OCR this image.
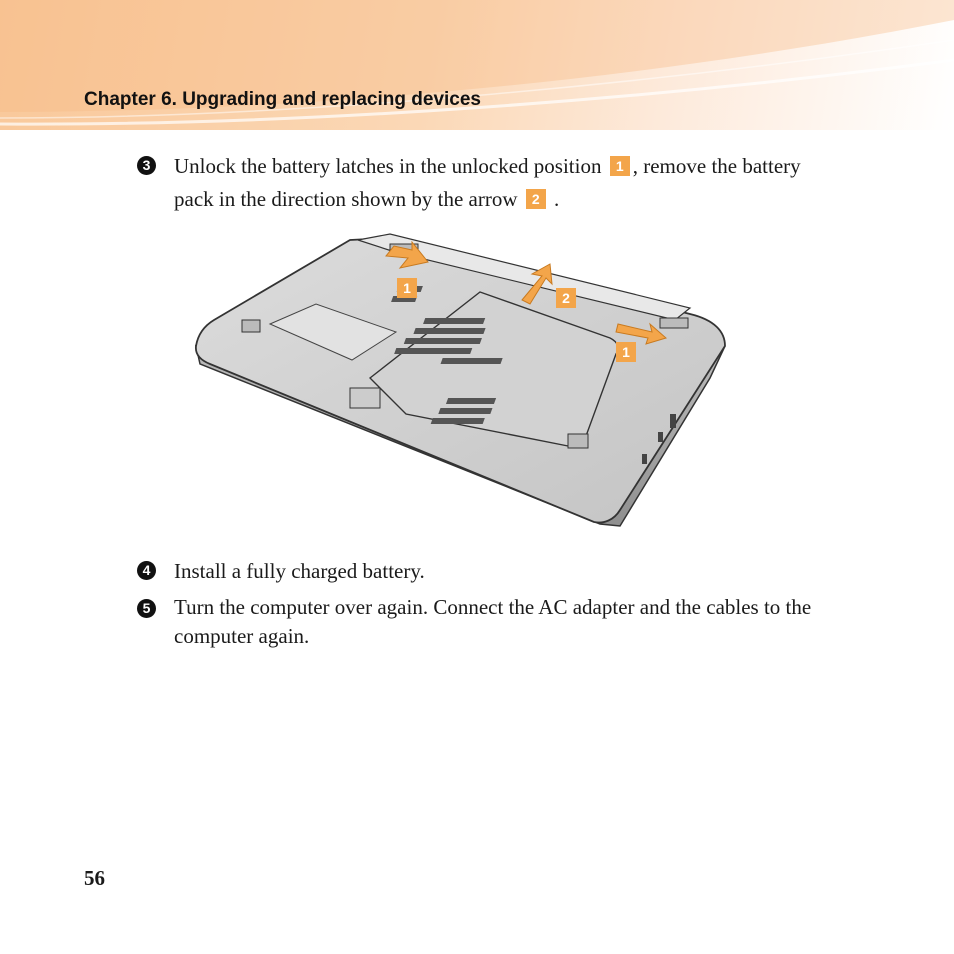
Chapter 6. Upgrading and replacing devices
3 Unlock the battery latches in the unlocked position 1 , remove the battery pack in the direction shown by the arrow 2 .
1
2
1
4 Install a fully charged battery.
5 Turn the computer over again. Connect the AC adapter and the cables to the computer again.
56
